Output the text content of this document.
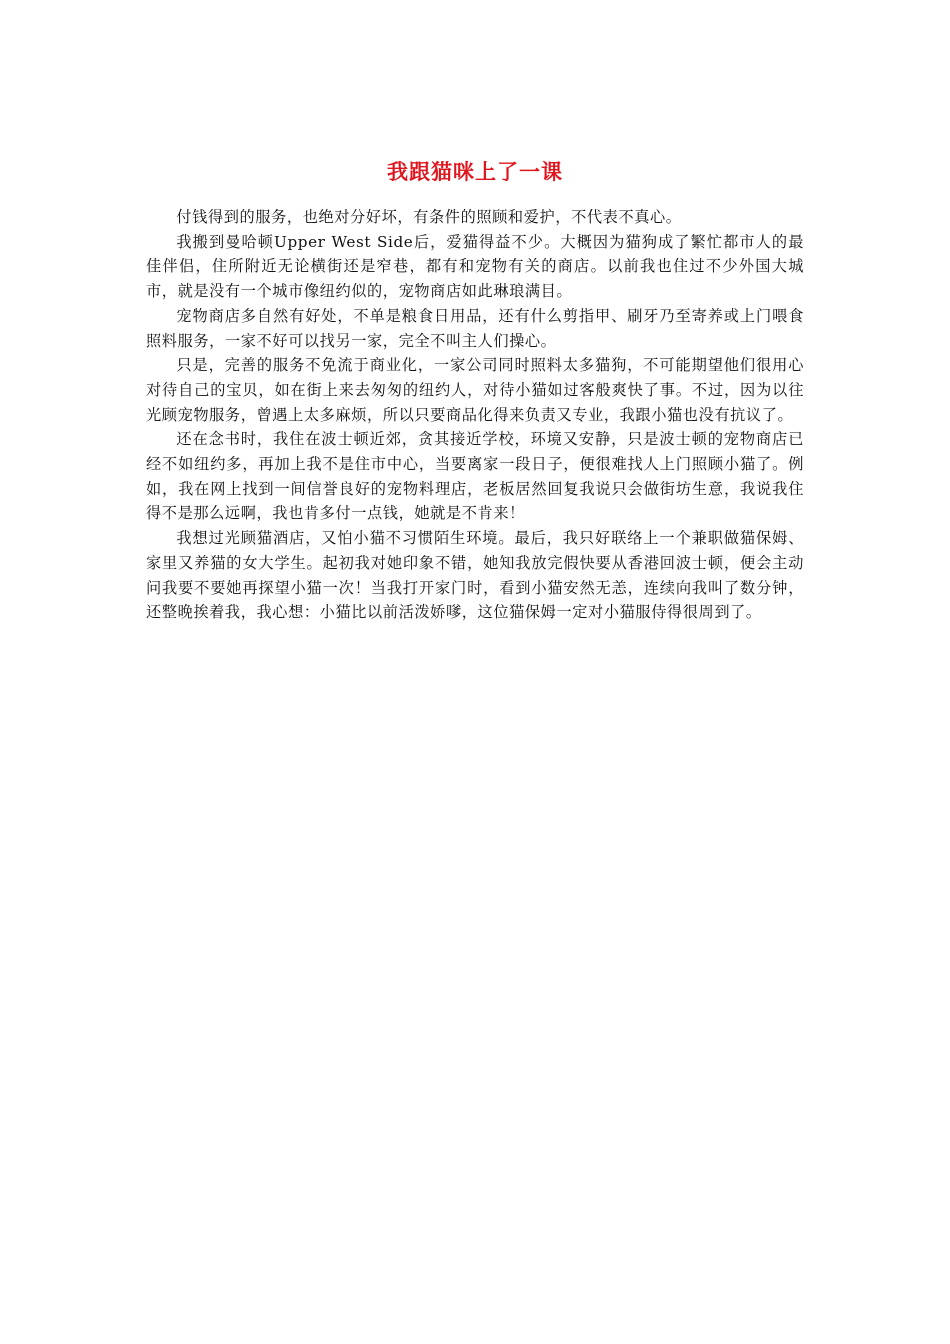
我跟猫咪上了一课

付钱得到的服务，也绝对分好坏，有条件的照顾和爱护，不代表不真心。

我搬到曼哈顿Upper West Side后，爱猫得益不少。大概因为猫狗成了繁忙都市人的最佳伴侣，住所附近无论横街还是窄巷，都有和宠物有关的商店。以前我也住过不少外国大城市，就是没有一个城市像纽约似的，宠物商店如此琳琅满目。

宠物商店多自然有好处，不单是粮食日用品，还有什么剪指甲、刷牙乃至寄养或上门喂食照料服务，一家不好可以找另一家，完全不叫主人们操心。

只是，完善的服务不免流于商业化，一家公司同时照料太多猫狗，不可能期望他们很用心对待自己的宝贝，如在街上来去匆匆的纽约人，对待小猫如过客般爽快了事。不过，因为以往光顾宠物服务，曾遇上太多麻烦，所以只要商品化得来负责又专业，我跟小猫也没有抗议了。

还在念书时，我住在波士顿近郊，贪其接近学校，环境又安静，只是波士顿的宠物商店已经不如纽约多，再加上我不是住市中心，当要离家一段日子，便很难找人上门照顾小猫了。例如，我在网上找到一间信誉良好的宠物料理店，老板居然回复我说只会做街坊生意，我说我住得不是那么远啊，我也肯多付一点钱，她就是不肯来！

我想过光顾猫酒店，又怕小猫不习惯陌生环境。最后，我只好联络上一个兼职做猫保姆、家里又养猫的女大学生。起初我对她印象不错，她知我放完假快要从香港回波士顿，便会主动问我要不要她再探望小猫一次！当我打开家门时，看到小猫安然无恙，连续向我叫了数分钟，还整晚挨着我，我心想：小猫比以前活泼娇嗲，这位猫保姆一定对小猫服侍得很周到了。
